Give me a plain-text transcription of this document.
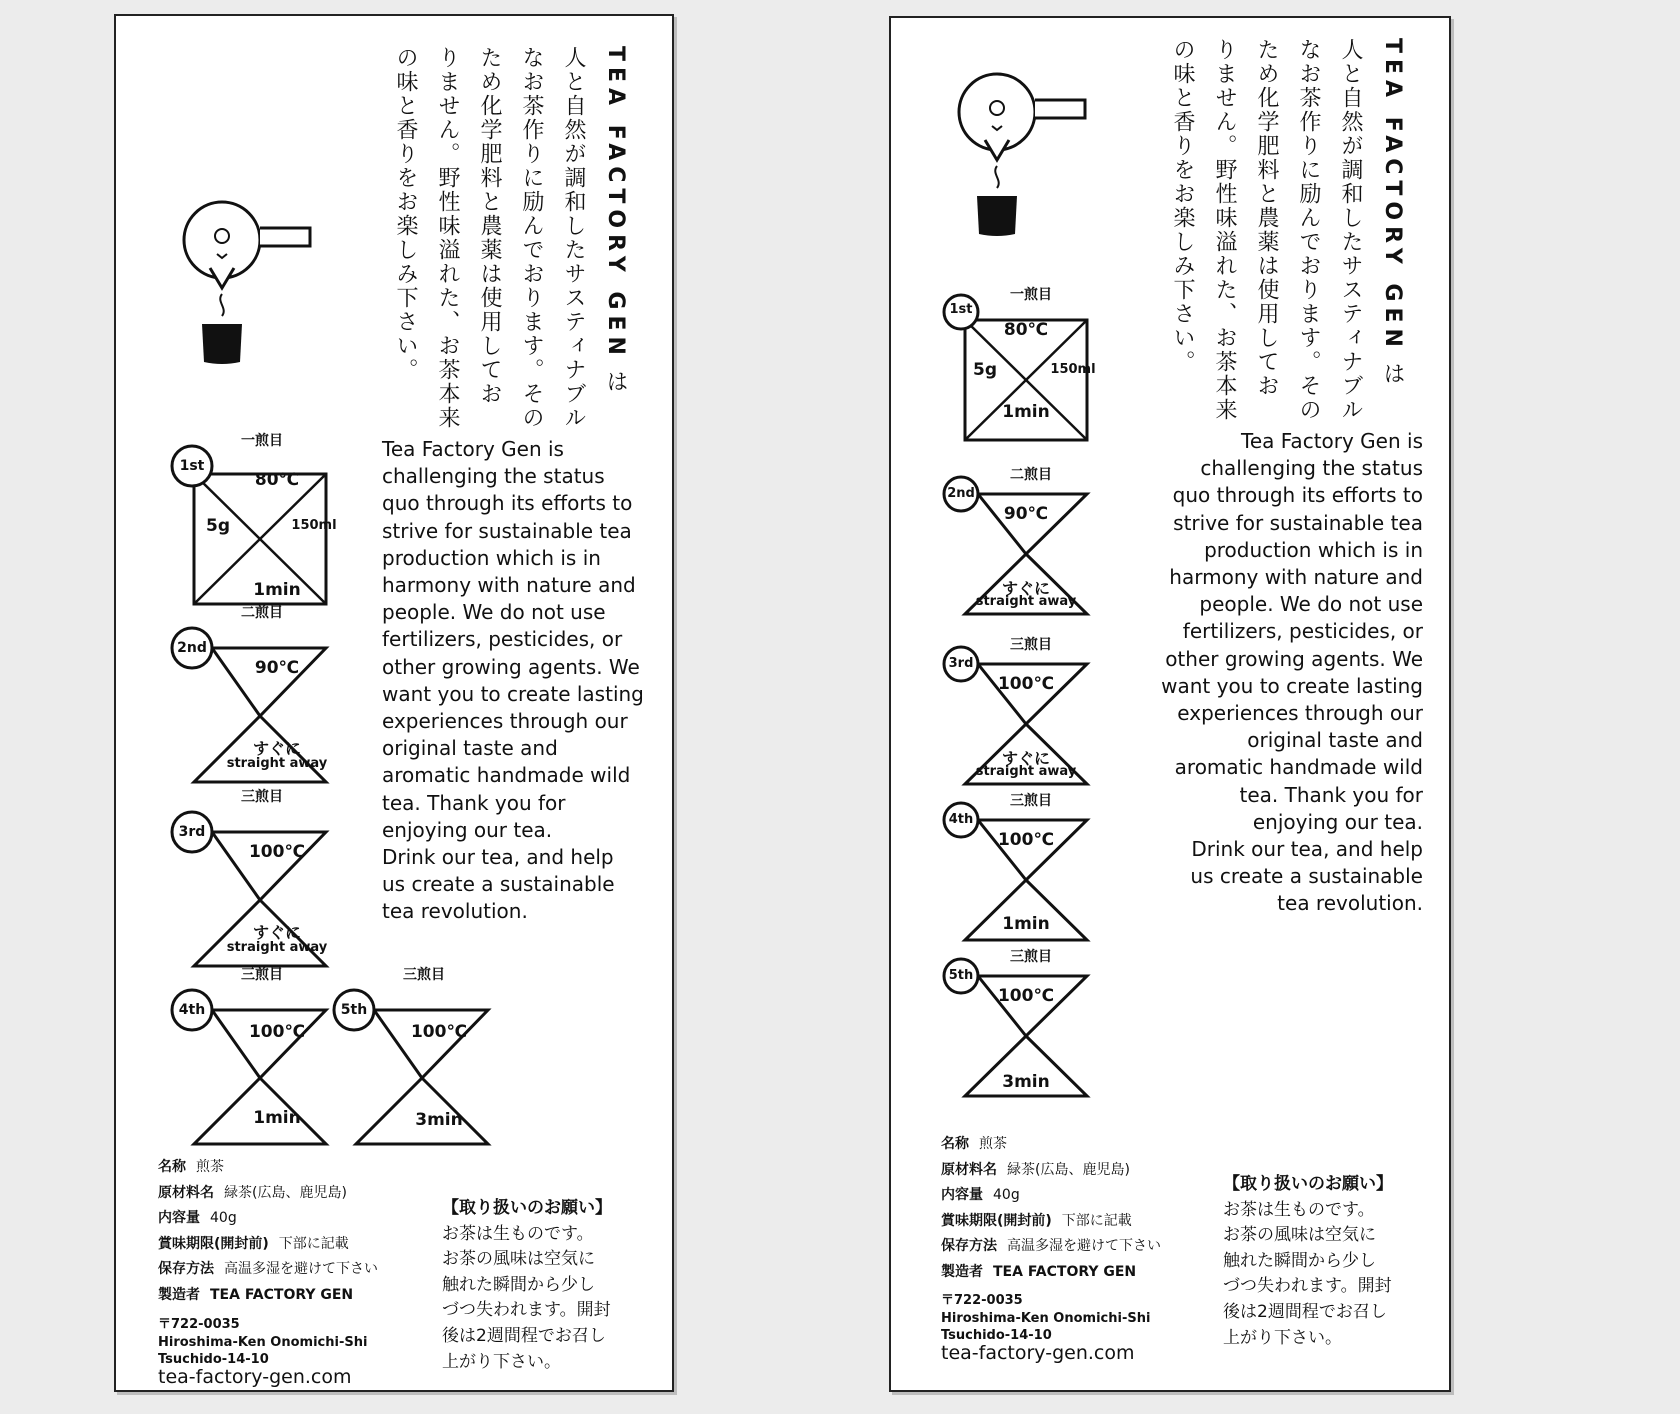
TEA FACTORY GEN は

人と自然が調和したサスティナブル

なお茶作りに励んでおります。その

ため化学肥料と農薬は使用してお

りません。野性味溢れた、お茶本来

の味と香りをお楽しみ下さい。

Tea Factory Gen is

challenging the status

quo through its efforts to

strive for sustainable tea

production which is in

harmony with nature and

people. We do not use

fertilizers, pesticides, or

other growing agents. We

want you to create lasting

experiences through our

original taste and

aromatic handmade wild

tea. Thank you for

enjoying our tea.

Drink our tea, and help

us create a sustainable

tea revolution.

1st
一煎目
80℃
5g	150ml
1min
2nd
二煎目
90℃
すぐに
straight away
3rd
三煎目
100℃
すぐに
straight away
4th
三煎目
100℃
1min
5th
三煎目
100℃
3min
名称 煎茶
原材料名 緑茶(広島、鹿児島)
内容量 40g
賞味期限(開封前) 下部に記載
保存方法 高温多湿を避けて下さい
製造者 TEA FACTORY GEN
〒722-0035
Hiroshima-Ken Onomichi-Shi
Tsuchido-14-10
tea-factory-gen.com
【取り扱いのお願い】
お茶は生ものです。
お茶の風味は空気に
触れた瞬間から少し
づつ失われます。開封
後は2週間程でお召し
上がり下さい。

TEA FACTORY GEN は

人と自然が調和したサスティナブル

なお茶作りに励んでおります。その

ため化学肥料と農薬は使用してお

りません。野性味溢れた、お茶本来

の味と香りをお楽しみ下さい。

Tea Factory Gen is

challenging the status

quo through its efforts to

strive for sustainable tea

production which is in

harmony with nature and

people. We do not use

fertilizers, pesticides, or

other growing agents. We

want you to create lasting

experiences through our

original taste and

aromatic handmade wild

tea. Thank you for

enjoying our tea.

Drink our tea, and help

us create a sustainable

tea revolution.

1st
一煎目
80℃
5g	150ml
1min
2nd
二煎目
90℃
すぐに
straight away
3rd
三煎目
100℃
すぐに
straight away
4th
三煎目
100℃
1min
5th
三煎目
100℃
3min
名称 煎茶
原材料名 緑茶(広島、鹿児島)
内容量 40g
賞味期限(開封前) 下部に記載
保存方法 高温多湿を避けて下さい
製造者 TEA FACTORY GEN
〒722-0035
Hiroshima-Ken Onomichi-Shi
Tsuchido-14-10
tea-factory-gen.com
【取り扱いのお願い】
お茶は生ものです。
お茶の風味は空気に
触れた瞬間から少し
づつ失われます。開封
後は2週間程でお召し
上がり下さい。
